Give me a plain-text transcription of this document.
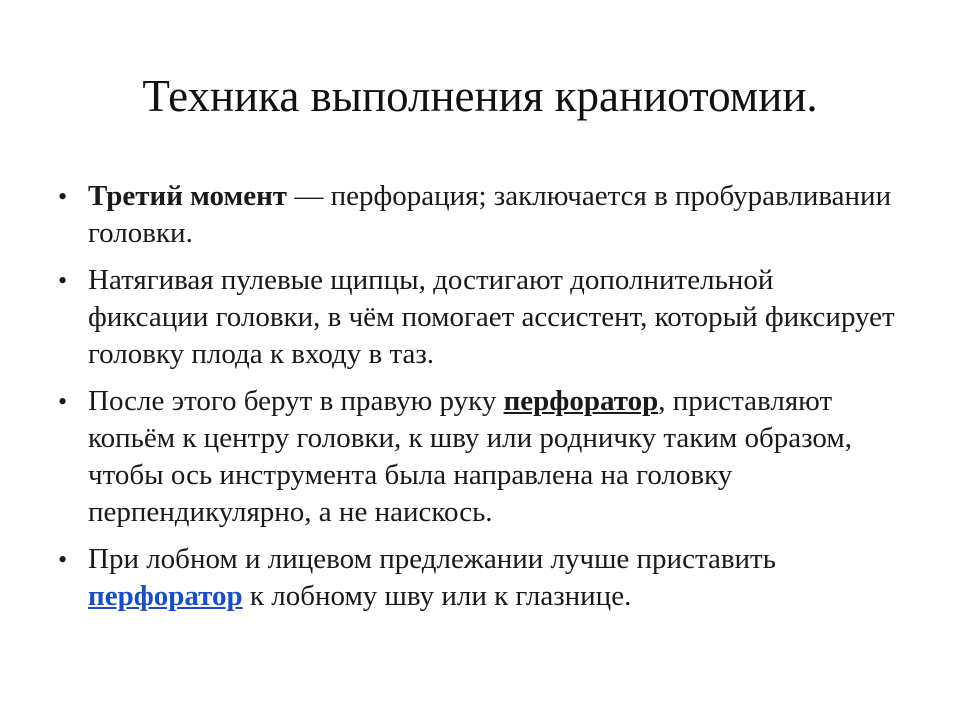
Техника выполнения краниотомии.
• Третий момент — перфорация; заключается в пробуравливании головки.
• Натягивая пулевые щипцы, достигают дополнительной фиксации головки, в чём помогает ассистент, который фиксирует головку плода к входу в таз.
• После этого берут в правую руку перфоратор, приставляют копьём к центру головки, к шву или родничку таким образом, чтобы ось инструмента была направлена на головку перпендикулярно, а не наискось.
• При лобном и лицевом предлежании лучше приставить перфоратор к лобному шву или к глазнице.
